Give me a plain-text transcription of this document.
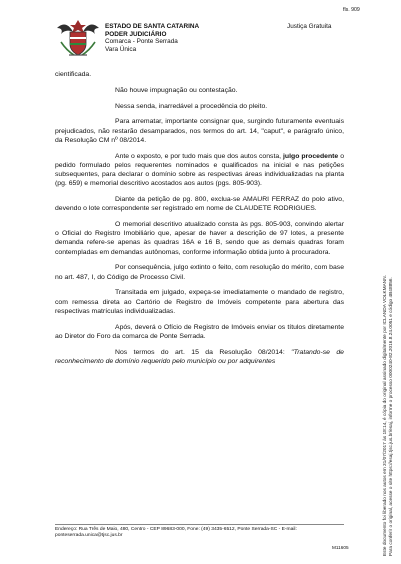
ESTADO DE SANTA CATARINA
PODER JUDICIÁRIO
Comarca - Ponte Serrada
Vara Única
Justiça Gratuita
fls. 909

cientificada.

Não houve impugnação ou contestação.

Nessa senda, inarredável a procedência do pleito.

Para arrematar, importante consignar que, surgindo futuramente eventuais prejudicados, não restarão desamparados, nos termos do art. 14, "caput", e parágrafo único, da Resolução CM nº 08/2014.

Ante o exposto, e por tudo mais que dos autos consta, julgo procedente o pedido formulado pelos requerentes nominados e qualificados na inicial e nas petições subsequentes, para declarar o domínio sobre as respectivas áreas individualizadas na planta (pg. 659) e memorial descritivo acostados aos autos (pgs. 805-903).

Diante da petição de pg. 800, exclua-se AMAURI FERRAZ do polo ativo, devendo o lote correspondente ser registrado em nome de CLAUDETE RODRIGUES.

O memorial descritivo atualizado consta às pgs. 805-903, convindo alertar o Oficial do Registro Imobiliário que, apesar de haver a descrição de 97 lotes, a presente demanda refere-se apenas às quadras 16A e 16 B, sendo que as demais quadras foram contempladas em demandas autônomas, conforme informação obtida junto à procuradora.

Por consequência, julgo extinto o feito, com resolução do mérito, com base no art. 487, I, do Código de Processo Civil.

Transitada em julgado, expeça-se imediatamente o mandado de registro, com remessa direta ao Cartório de Registro de Imóveis competente para abertura das respectivas matrículas individualizadas.

Após, deverá o Ofício de Registro de Imóveis enviar os títulos diretamente ao Diretor do Foro da comarca de Ponte Serrada.

Nos termos do art. 15 da Resolução 08/2014: "Tratando-se de reconhecimento de domínio requerido pelo município ou por adquirentes

Endereço: Rua Três de Maio, 480, Centro - CEP 89683-000, Fone: (49) 3435-6512, Ponte Serrada-SC - E-mail: ponteserrada.unica@tjsc.jus.br
M11605	Este documento foi liberado nos autos em 31/07/2017 às 18:14, é cópia do original assinado digitalmente por ICLANDA VOLKMANN. Para conferir o original, acesse o site https://esaj.tjsc.jus.br/esaj, informe o processo 0000240-82.2016.8.24.0051 e código 4B48856.
